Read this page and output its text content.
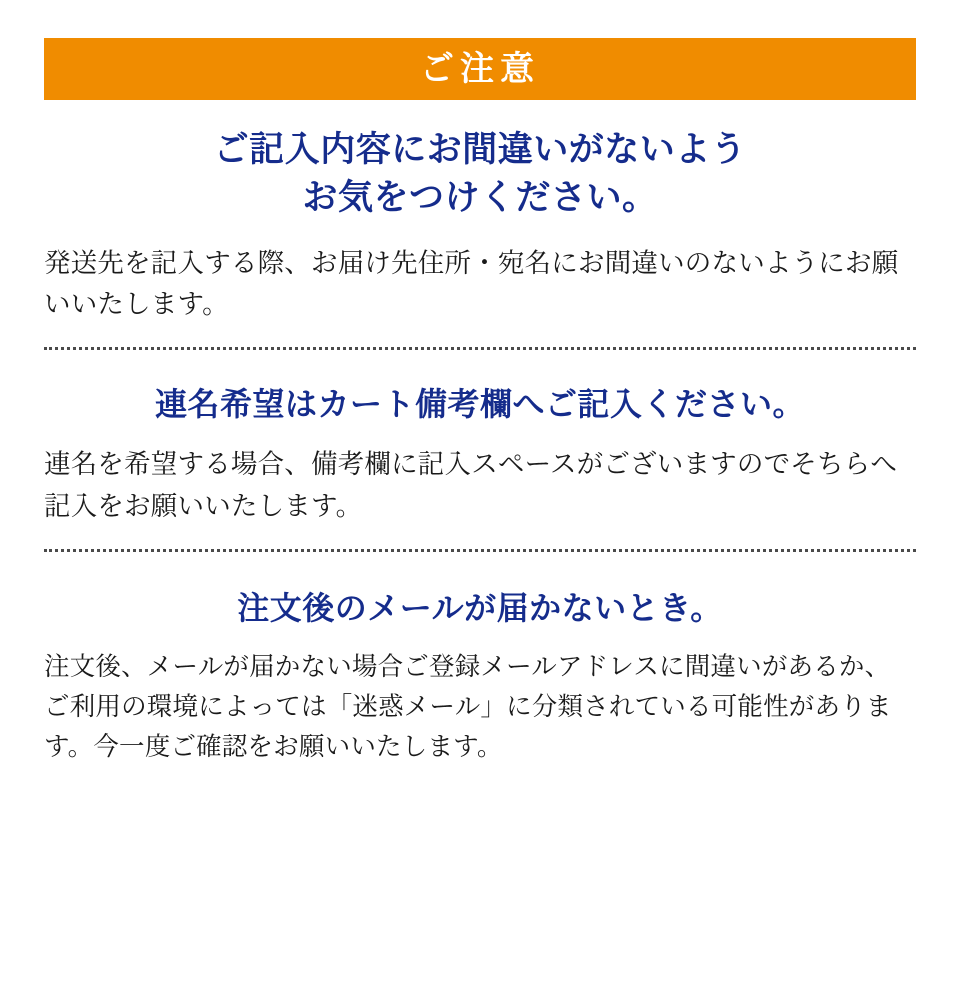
ご注意
ご記入内容にお間違いがないよう
お気をつけください。
発送先を記入する際、お届け先住所・宛名にお間違いのないようにお願いいたします。
連名希望はカート備考欄へご記入ください。
連名を希望する場合、備考欄に記入スペースがございますのでそちらへ記入をお願いいたします。
注文後のメールが届かないとき。
注文後、メールが届かない場合ご登録メールアドレスに間違いがあるか、ご利用の環境によっては「迷惑メール」に分類されている可能性があります。今一度ご確認をお願いいたします。
